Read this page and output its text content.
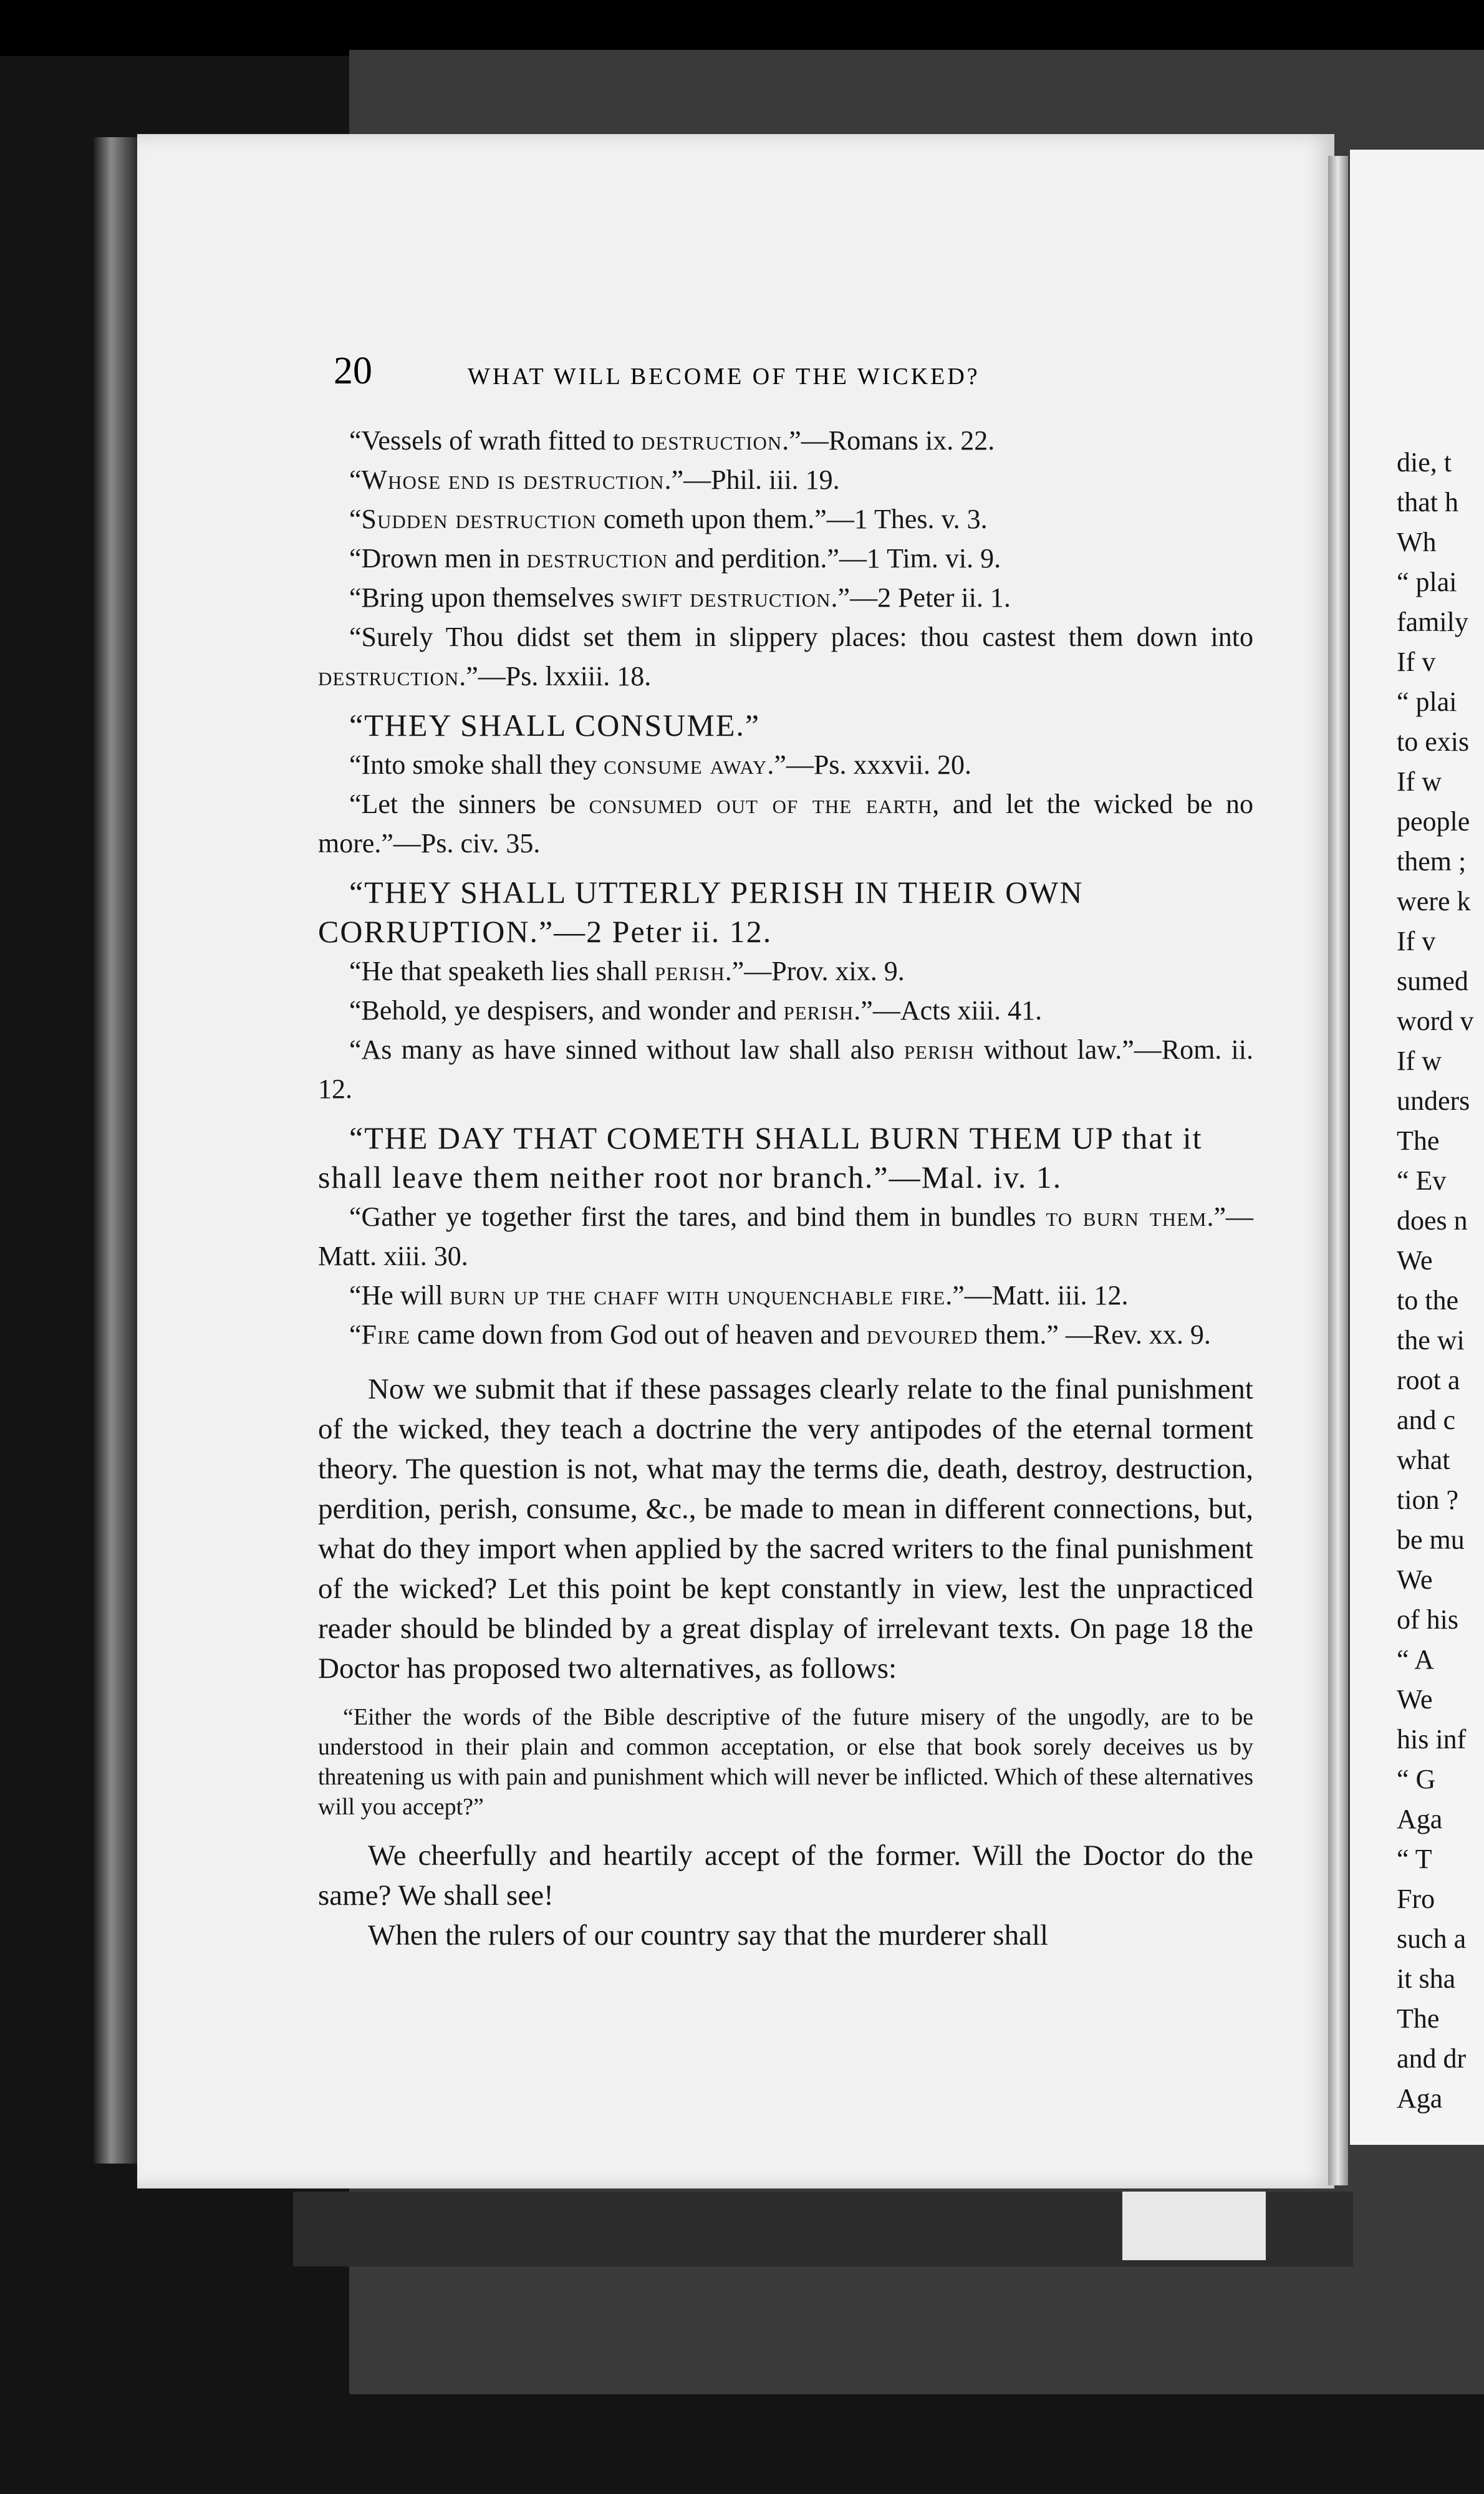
20	WHAT WILL BECOME OF THE WICKED?

“Vessels of wrath fitted to destruction.”—Romans ix. 22.

“Whose end is destruction.”—Phil. iii. 19.

“Sudden destruction cometh upon them.”—1 Thes. v. 3.

“Drown men in destruction and perdition.”—1 Tim. vi. 9.

“Bring upon themselves swift destruction.”—2 Peter ii. 1.

“Surely Thou didst set them in slippery places: thou castest them down into destruction.”—Ps. lxxiii. 18.

“THEY SHALL CONSUME.”

“Into smoke shall they consume away.”—Ps. xxxvii. 20.

“Let the sinners be consumed out of the earth, and let the wicked be no more.”—Ps. civ. 35.

“THEY SHALL UTTERLY PERISH IN THEIR OWN CORRUPTION.”—2 Peter ii. 12.

“He that speaketh lies shall perish.”—Prov. xix. 9.

“Behold, ye despisers, and wonder and perish.”—Acts xiii. 41.

“As many as have sinned without law shall also perish without law.”—Rom. ii. 12.

“THE DAY THAT COMETH SHALL BURN THEM UP that it shall leave them neither root nor branch.”—Mal. iv. 1.

“Gather ye together first the tares, and bind them in bundles to burn them.”—Matt. xiii. 30.

“He will burn up the chaff with unquenchable fire.”—Matt. iii. 12.

“Fire came down from God out of heaven and devoured them.” —Rev. xx. 9.

Now we submit that if these passages clearly relate to the final punishment of the wicked, they teach a doctrine the very antipodes of the eternal torment theory. The question is not, what may the terms die, death, destroy, destruction, perdition, perish, consume, &c., be made to mean in different connections, but, what do they import when applied by the sacred writers to the final punishment of the wicked? Let this point be kept constantly in view, lest the unpracticed reader should be blinded by a great display of irrelevant texts. On page 18 the Doctor has proposed two alternatives, as follows:

“Either the words of the Bible descriptive of the future misery of the ungodly, are to be understood in their plain and common acceptation, or else that book sorely deceives us by threatening us with pain and punishment which will never be inflicted. Which of these alternatives will you accept?”

We cheerfully and heartily accept of the former. Will the Doctor do the same? We shall see!

When the rulers of our country say that the murderer shall

die, t
that h
Wh
“ plai
family
If v
“ plai
to exis
If w
people
them ;
were k
If v
sumed
word v
If w
unders
The
“ Ev
does n
We
to the
the wi
root a
and c
what
tion ?
be mu
We
of his
“ A
We
his inf
“ G
Aga
“ T
Fro
such a
it sha
The
and dr
Aga
